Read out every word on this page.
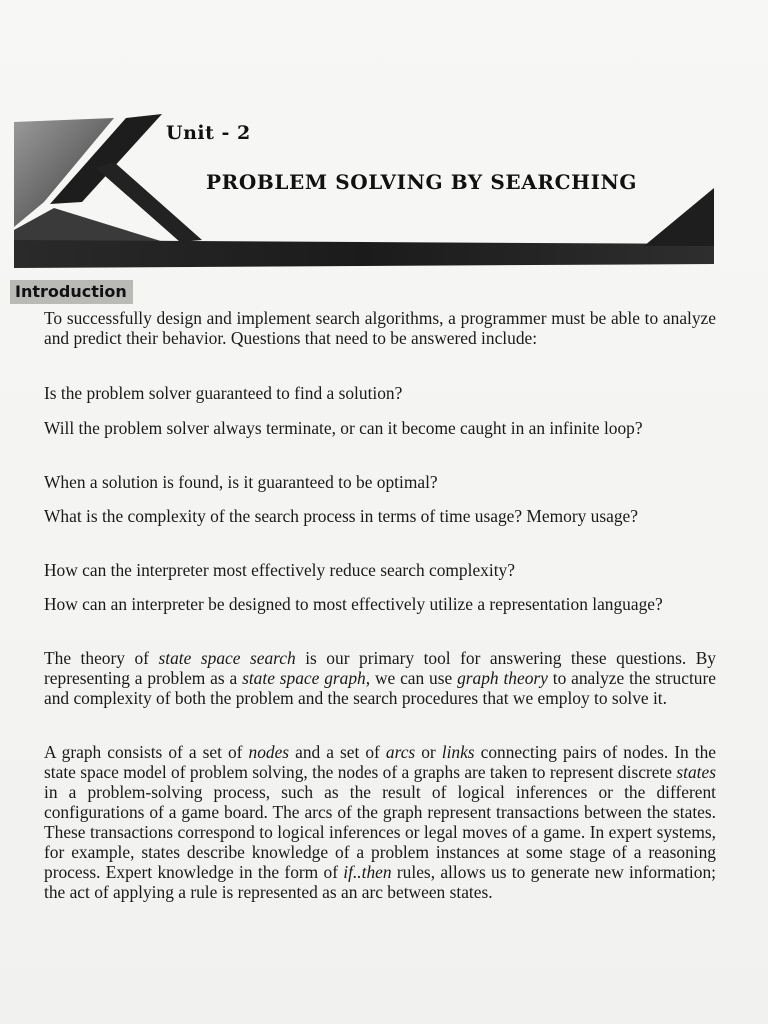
Unit - 2
PROBLEM SOLVING BY SEARCHING
Introduction
To successfully design and implement search algorithms, a programmer must be able to analyze and predict their behavior. Questions that need to be answered include:
Is the problem solver guaranteed to find a solution?
Will the problem solver always terminate, or can it become caught in an infinite loop?
When a solution is found, is it guaranteed to be optimal?
What is the complexity of the search process in terms of time usage? Memory usage?
How can the interpreter most effectively reduce search complexity?
How can an interpreter be designed to most effectively utilize a representation language?
The theory of state space search is our primary tool for answering these questions. By representing a problem as a state space graph, we can use graph theory to analyze the structure and complexity of both the problem and the search procedures that we employ to solve it.
A graph consists of a set of nodes and a set of arcs or links connecting pairs of nodes. In the state space model of problem solving, the nodes of a graphs are taken to represent discrete states in a problem-solving process, such as the result of logical inferences or the different configurations of a game board. The arcs of the graph represent transactions between the states. These transactions correspond to logical inferences or legal moves of a game. In expert systems, for example, states describe knowledge of a problem instances at some stage of a reasoning process. Expert knowledge in the form of if..then rules, allows us to generate new information; the act of applying a rule is represented as an arc between states.
